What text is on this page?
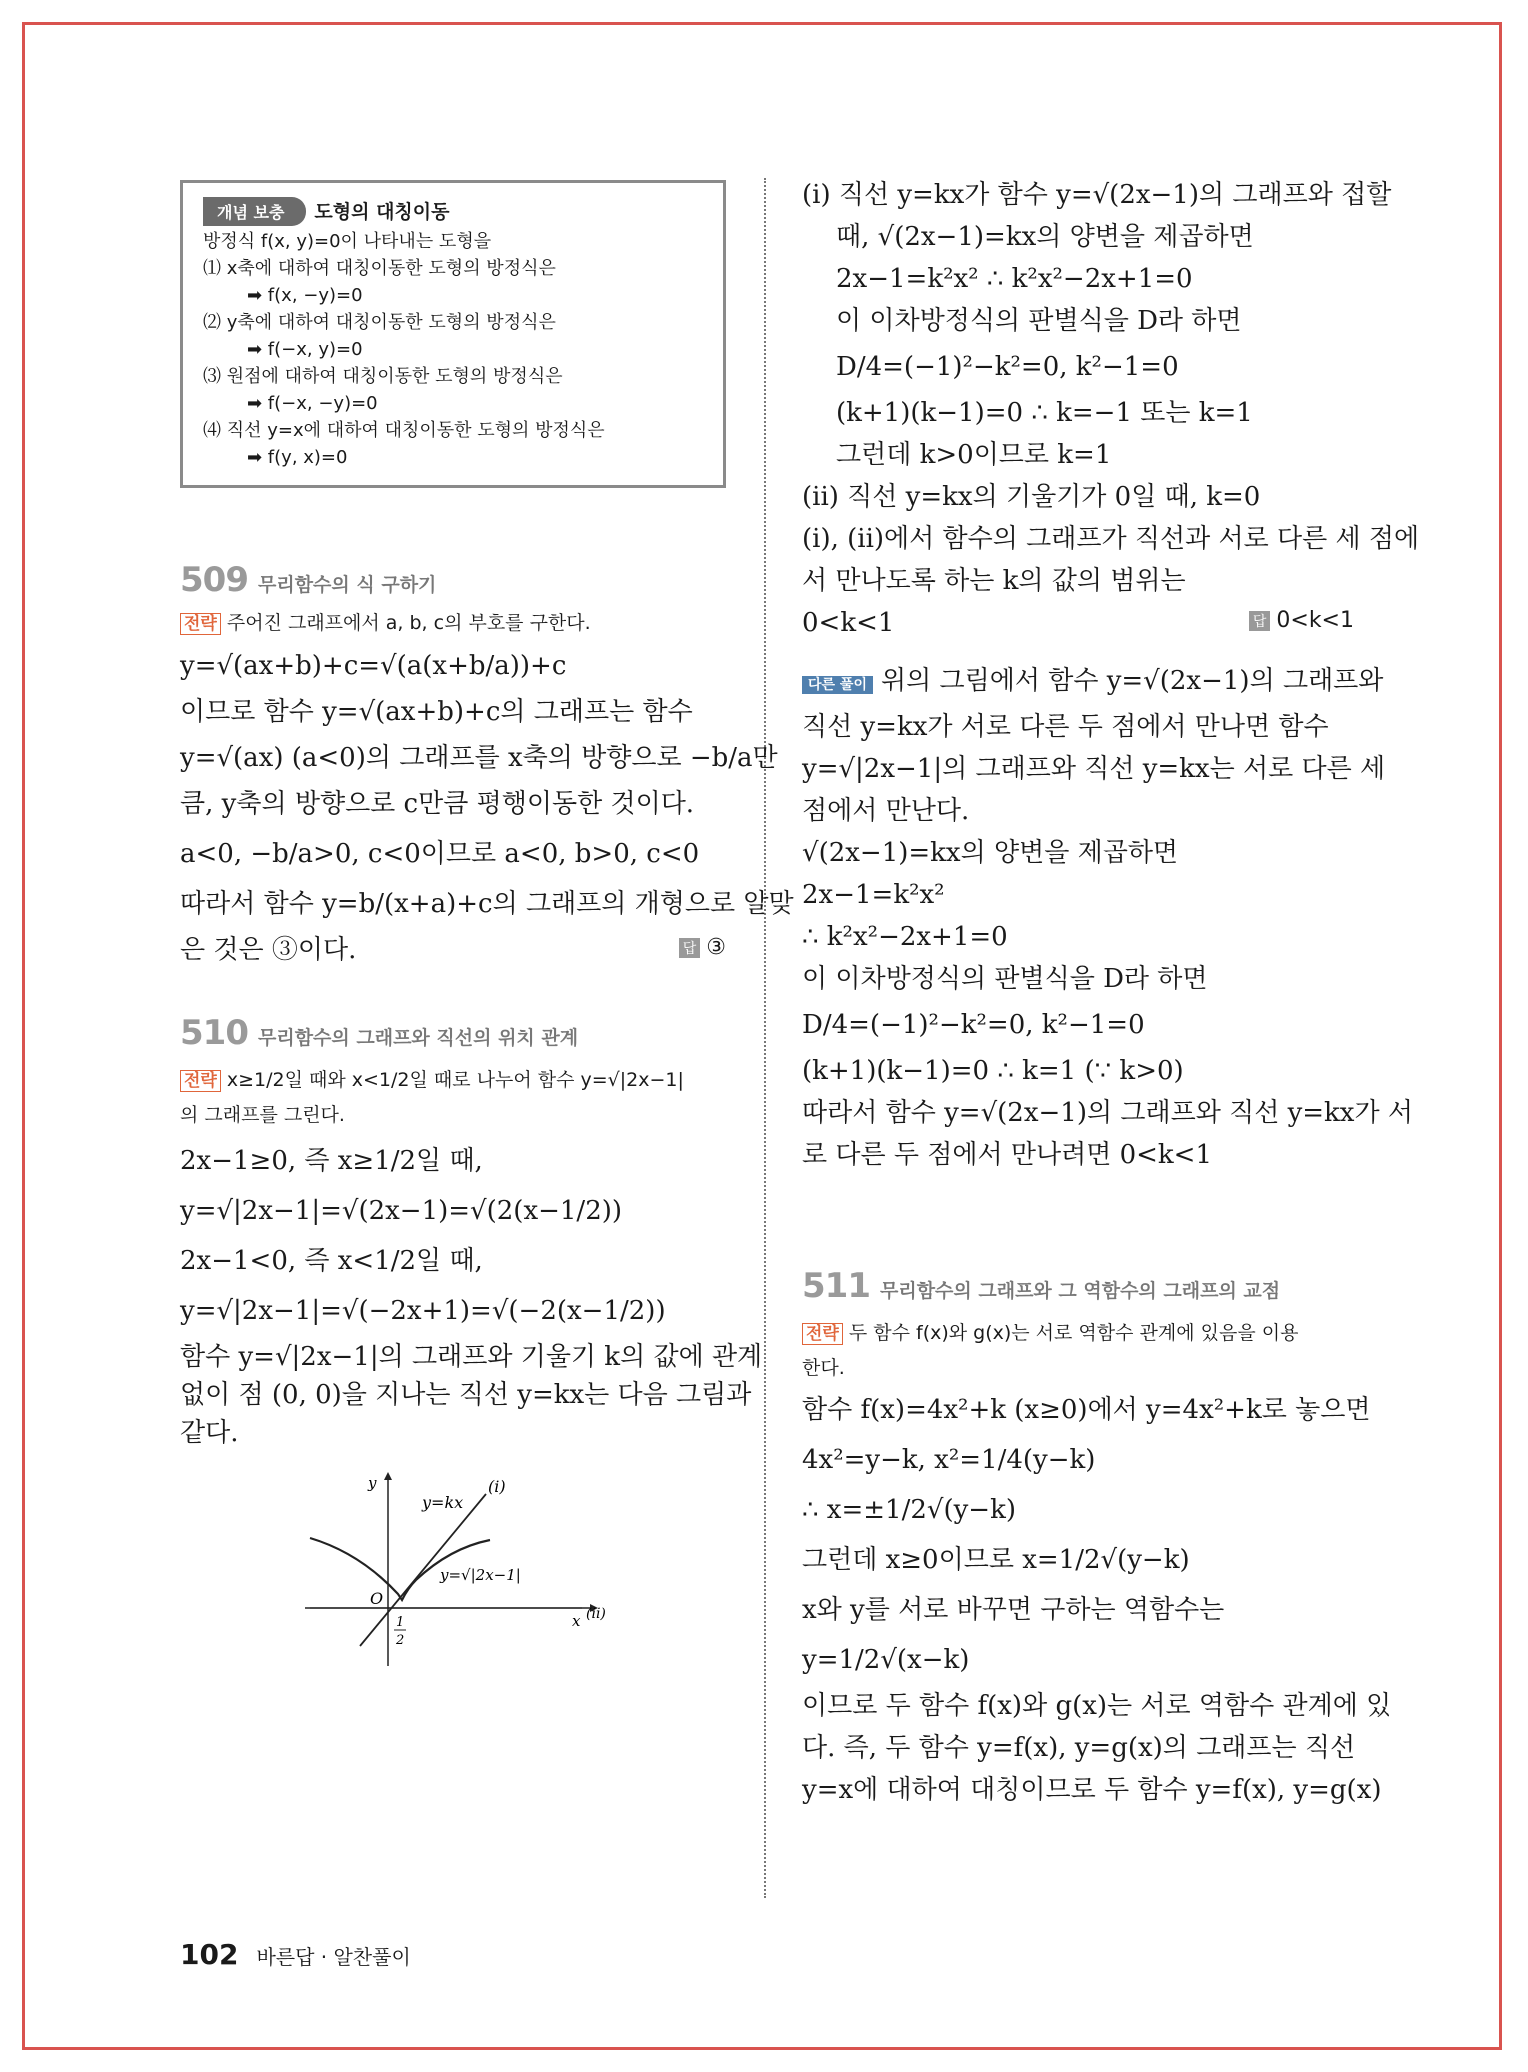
개념 보충 도형의 대칭이동

방정식 f(x, y)=0이 나타내는 도형을

⑴ x축에 대하여 대칭이동한 도형의 방정식은

➡ f(x, −y)=0

⑵ y축에 대하여 대칭이동한 도형의 방정식은

➡ f(−x, y)=0

⑶ 원점에 대하여 대칭이동한 도형의 방정식은

➡ f(−x, −y)=0

⑷ 직선 y=x에 대하여 대칭이동한 도형의 방정식은

➡ f(y, x)=0

509 무리함수의 식 구하기

전략 주어진 그래프에서 a, b, c의 부호를 구한다.

y=√(ax+b)+c=√(a(x+b/a))+c

이므로 함수 y=√(ax+b)+c의 그래프는 함수

y=√(ax) (a<0)의 그래프를 x축의 방향으로 −b/a만

큼, y축의 방향으로 c만큼 평행이동한 것이다.

a<0, −b/a>0, c<0이므로 a<0, b>0, c<0

따라서 함수 y=b/(x+a)+c의 그래프의 개형으로 알맞

은 것은 ③이다.	답 ③
510 무리함수의 그래프와 직선의 위치 관계

전략 x≥1/2일 때와 x<1/2일 때로 나누어 함수 y=√|2x−1|

의 그래프를 그린다.

2x−1≥0, 즉 x≥1/2일 때,

y=√|2x−1|=√(2x−1)=√(2(x−1/2))

2x−1<0, 즉 x<1/2일 때,

y=√|2x−1|=√(−2x+1)=√(−2(x−1/2))

함수 y=√|2x−1|의 그래프와 기울기 k의 값에 관계

없이 점 (0, 0)을 지나는 직선 y=kx는 다음 그림과

같다.

y
x
O
y=kx
(i)
(ii)
y=√|2x−1|
1
2

(i) 직선 y=kx가 함수 y=√(2x−1)의 그래프와 접할

때, √(2x−1)=kx의 양변을 제곱하면

2x−1=k²x² ∴ k²x²−2x+1=0

이 이차방정식의 판별식을 D라 하면

D/4=(−1)²−k²=0, k²−1=0

(k+1)(k−1)=0 ∴ k=−1 또는 k=1

그런데 k>0이므로 k=1

(ii) 직선 y=kx의 기울기가 0일 때, k=0

(i), (ii)에서 함수의 그래프가 직선과 서로 다른 세 점에

서 만나도록 하는 k의 값의 범위는

0<k<1	답 0<k<1

다른 풀이 위의 그림에서 함수 y=√(2x−1)의 그래프와

직선 y=kx가 서로 다른 두 점에서 만나면 함수

y=√|2x−1|의 그래프와 직선 y=kx는 서로 다른 세

점에서 만난다.

√(2x−1)=kx의 양변을 제곱하면

2x−1=k²x²

∴ k²x²−2x+1=0

이 이차방정식의 판별식을 D라 하면

D/4=(−1)²−k²=0, k²−1=0

(k+1)(k−1)=0 ∴ k=1 (∵ k>0)

따라서 함수 y=√(2x−1)의 그래프와 직선 y=kx가 서

로 다른 두 점에서 만나려면 0<k<1

511 무리함수의 그래프와 그 역함수의 그래프의 교점

전략 두 함수 f(x)와 g(x)는 서로 역함수 관계에 있음을 이용

한다.

함수 f(x)=4x²+k (x≥0)에서 y=4x²+k로 놓으면

4x²=y−k, x²=1/4(y−k)

∴ x=±1/2√(y−k)

그런데 x≥0이므로 x=1/2√(y−k)

x와 y를 서로 바꾸면 구하는 역함수는

y=1/2√(x−k)

이므로 두 함수 f(x)와 g(x)는 서로 역함수 관계에 있

다. 즉, 두 함수 y=f(x), y=g(x)의 그래프는 직선

y=x에 대하여 대칭이므로 두 함수 y=f(x), y=g(x)

102 바른답 · 알찬풀이
